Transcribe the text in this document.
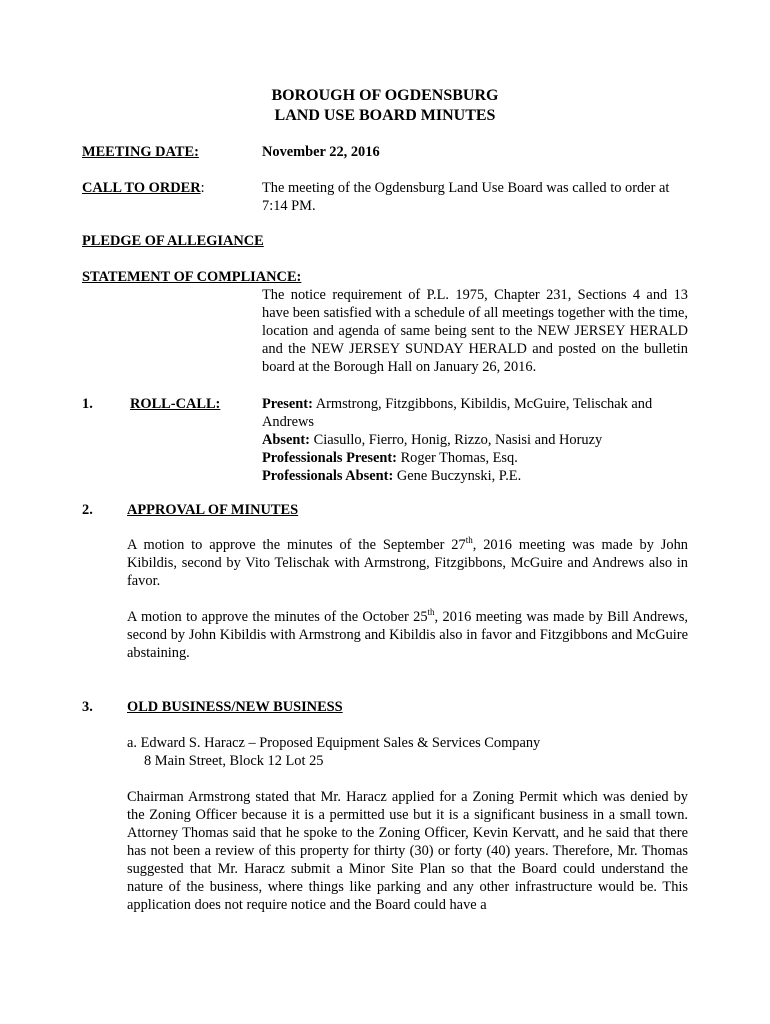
BOROUGH OF OGDENSBURG
LAND USE BOARD MINUTES
MEETING DATE:	November 22, 2016
CALL TO ORDER:	The meeting of the Ogdensburg Land Use Board was called to order at 7:14 PM.
PLEDGE OF ALLEGIANCE
STATEMENT OF COMPLIANCE:
The notice requirement of P.L. 1975, Chapter 231, Sections 4 and 13 have been satisfied with a schedule of all meetings together with the time, location and agenda of same being sent to the NEW JERSEY HERALD and the NEW JERSEY SUNDAY HERALD and posted on the bulletin board at the Borough Hall on January 26, 2016.
1.	ROLL-CALL:	Present: Armstrong, Fitzgibbons, Kibildis, McGuire, Telischak and Andrews

Absent: Ciasullo, Fierro, Honig, Rizzo, Nasisi and Horuzy

Professionals Present: Roger Thomas, Esq.

Professionals Absent: Gene Buczynski, P.E.

2. APPROVAL OF MINUTES
A motion to approve the minutes of the September 27th, 2016 meeting was made by John Kibildis, second by Vito Telischak with Armstrong, Fitzgibbons, McGuire and Andrews also in favor.
A motion to approve the minutes of the October 25th, 2016 meeting was made by Bill Andrews, second by John Kibildis with Armstrong and Kibildis also in favor and Fitzgibbons and McGuire abstaining.
3. OLD BUSINESS/NEW BUSINESS

a. Edward S. Haracz – Proposed Equipment Sales & Services Company

8 Main Street, Block 12 Lot 25

Chairman Armstrong stated that Mr. Haracz applied for a Zoning Permit which was denied by the Zoning Officer because it is a permitted use but it is a significant business in a small town. Attorney Thomas said that he spoke to the Zoning Officer, Kevin Kervatt, and he said that there has not been a review of this property for thirty (30) or forty (40) years. Therefore, Mr. Thomas suggested that Mr. Haracz submit a Minor Site Plan so that the Board could understand the nature of the business, where things like parking and any other infrastructure would be. This application does not require notice and the Board could have a
